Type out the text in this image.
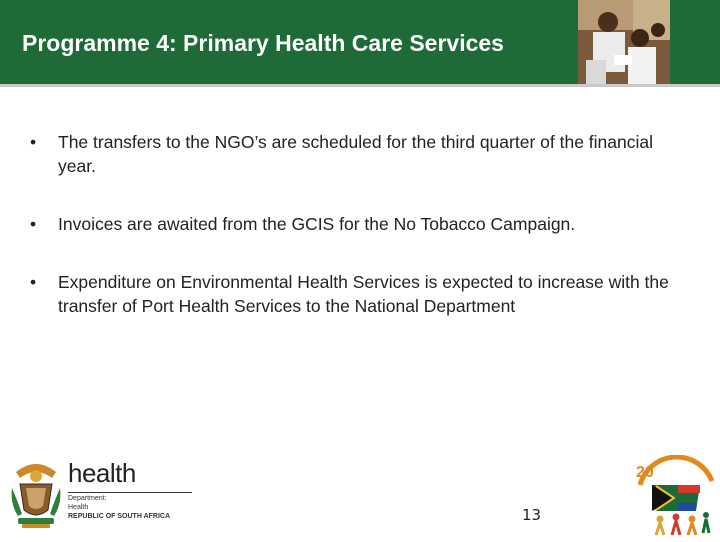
Programme 4: Primary Health Care Services
• The transfers to the NGO’s are scheduled for the third quarter of the financial year.
• Invoices are awaited from the GCIS for the No Tobacco Campaign.
• Expenditure on Environmental Health Services is expected to increase with the transfer of Port Health Services to the National Department
health
Department:
Health
REPUBLIC OF SOUTH AFRICA	13
20
